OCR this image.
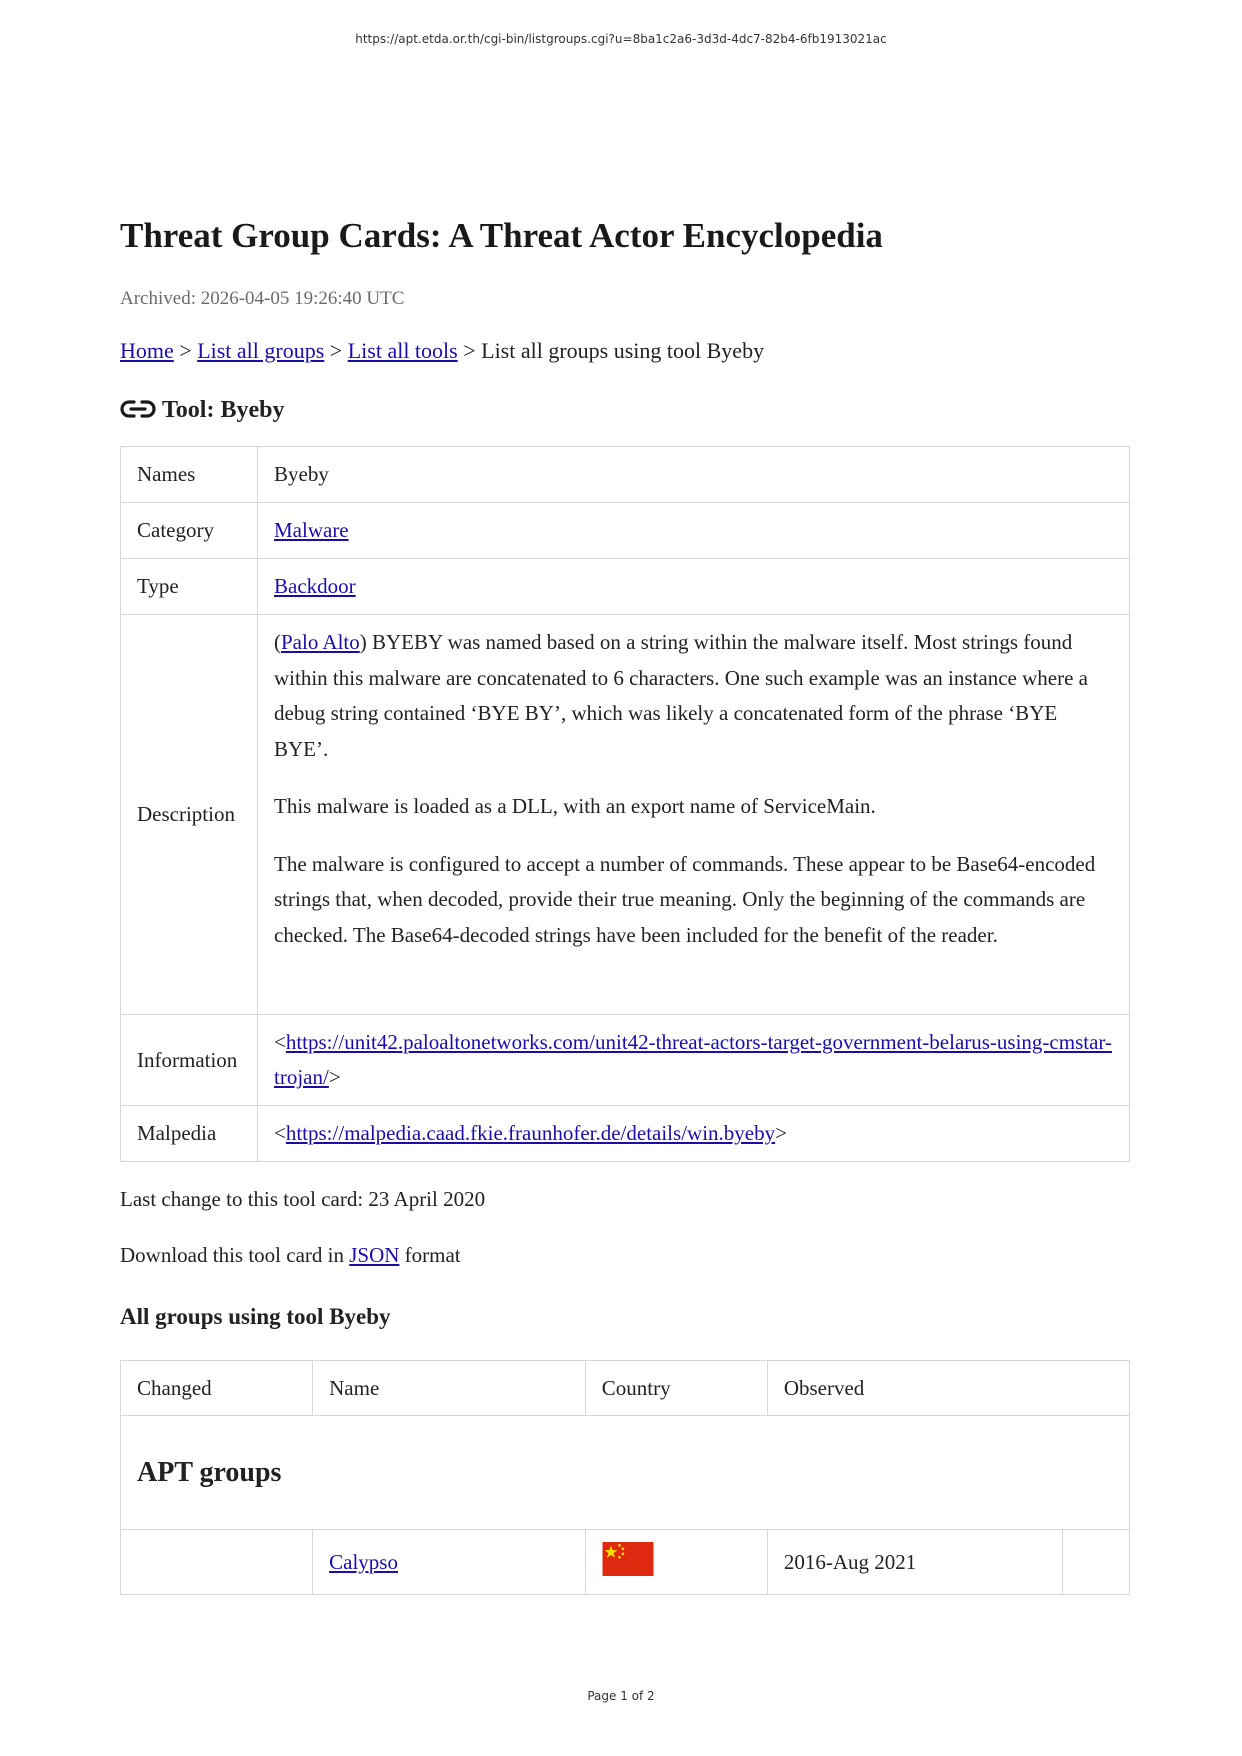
https://apt.etda.or.th/cgi-bin/listgroups.cgi?u=8ba1c2a6-3d3d-4dc7-82b4-6fb1913021ac
Threat Group Cards: A Threat Actor Encyclopedia
Archived: 2026-04-05 19:26:40 UTC
Home > List all groups > List all tools > List all groups using tool Byeby
Tool: Byeby
Names	Byeby
Category	Malware
Type	Backdoor
Description	(Palo Alto) BYEBY was named based on a string within the malware itself. Most strings found within this malware are concatenated to 6 characters. One such example was an instance where a debug string contained ‘BYE BY’, which was likely a concatenated form of the phrase ‘BYE BYE’.

This malware is loaded as a DLL, with an export name of ServiceMain.

The malware is configured to accept a number of commands. These appear to be Base64-encoded strings that, when decoded, provide their true meaning. Only the beginning of the commands are checked. The Base64-decoded strings have been included for the benefit of the reader.

Information	<https://unit42.paloaltonetworks.com/unit42-threat-actors-target-government-belarus-using-cmstar-trojan/>
Malpedia	<https://malpedia.caad.fkie.fraunhofer.de/details/win.byeby>
Last change to this tool card: 23 April 2020
Download this tool card in JSON format
All groups using tool Byeby
Changed	Name	Country	Observed	
APT groups				
	Calypso		2016-Aug 2021	
Page 1 of 2
